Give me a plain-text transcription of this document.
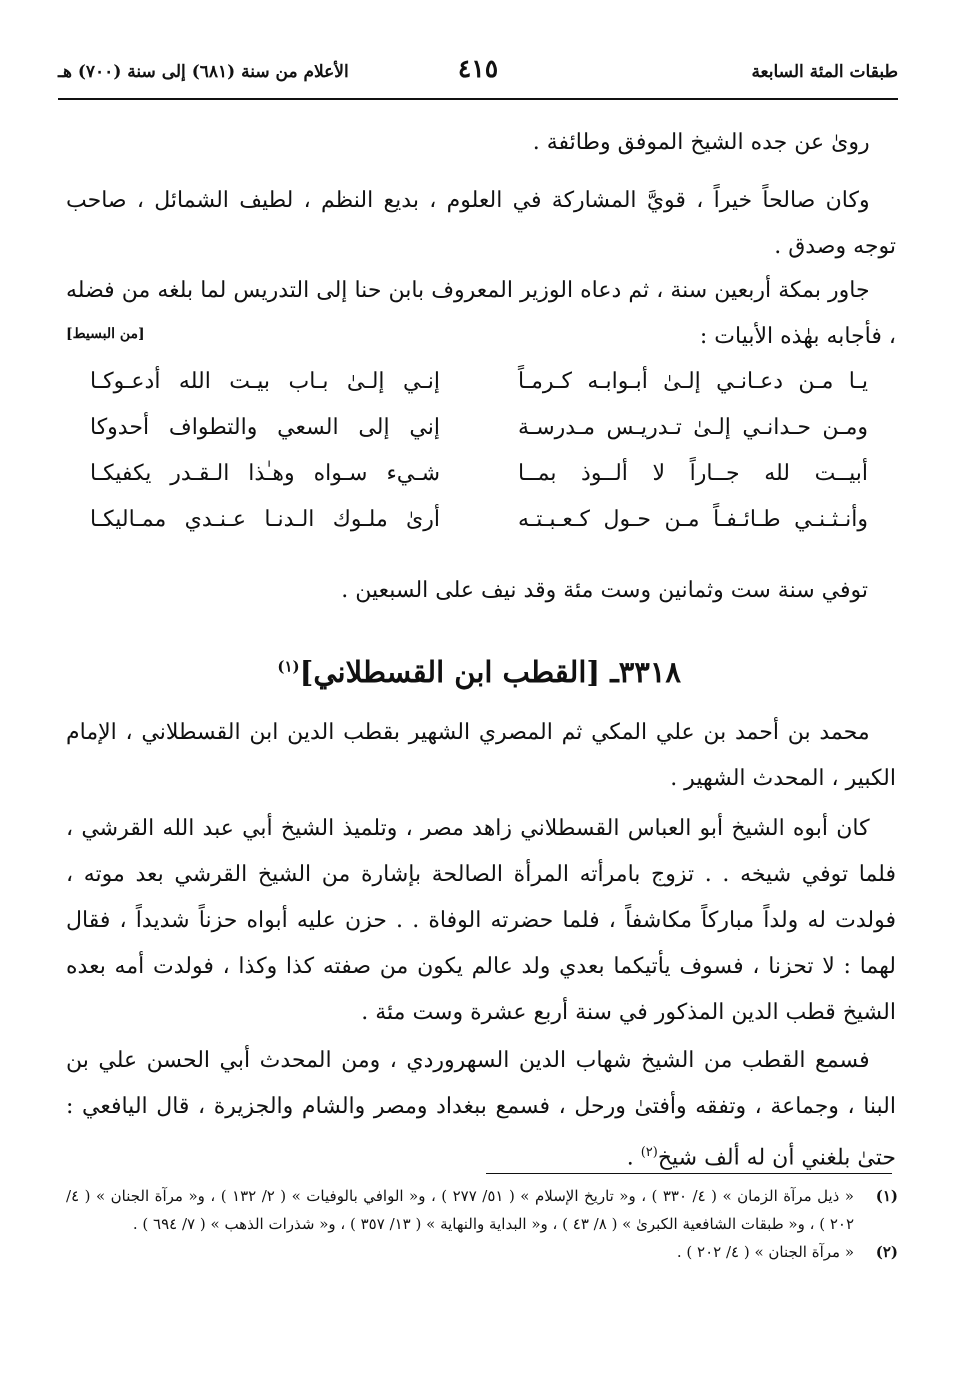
طبقات المئة السابعة
٤١٥
الأعلام من سنة (٦٨١) إلى سنة (٧٠٠) هـ

روىٰ عن جده الشيخ الموفق وطائفة .

وكان صالحاً خيراً ، قويَّ المشاركة في العلوم ، بديع النظم ، لطيف الشمائل ، صاحب توجه وصدق .

جاور بمكة أربعين سنة ، ثم دعاه الوزير المعروف بابن حنا إلى التدريس لما بلغه من فضله ، فأجابه بهٰذه الأبيات :

[من البسيط]
يـا مـن دعـانـي إلـىٰ أبـوابـه كـرمـاً
إنـي إلـىٰ بـاب بيـت الله أدعـوكـا
ومـن حـدانـي إلـىٰ تـدريـس مـدرسـة
إني إلى السعي والتطواف أحدوكا
أبيــت لله جــاراً لا ألــوذ بمــا
شـيء سـواه وهـٰذا الـقـدر يكفيكـا
وأنـثـنـي طـائـفـاً مـن حـول كـعـبـتـه
أرىٰ ملـوك الـدنـا عـنـدي ممـاليكـا
توفي سنة ست وثمانين وست مئة وقد نيف على السبعين .
٣٣١٨ـ [القطب ابن القسطلاني]$^{(١)}$

محمد بن أحمد بن علي المكي ثم المصري الشهير بقطب الدين ابن القسطلاني ، الإمام الكبير ، المحدث الشهير .

كان أبوه الشيخ أبو العباس القسطلاني زاهد مصر ، وتلميذ الشيخ أبي عبد الله القرشي ، فلما توفي شيخه . . تزوج بامرأته المرأة الصالحة بإشارة من الشيخ القرشي بعد موته ، فولدت له ولداً مباركاً مكاشفاً ، فلما حضرته الوفاة . . حزن عليه أبواه حزناً شديداً ، فقال لهما : لا تحزنا ، فسوف يأتيكما بعدي ولد عالم يكون من صفته كذا وكذا ، فولدت أمه بعده الشيخ قطب الدين المذكور في سنة أربع عشرة وست مئة .

فسمع القطب من الشيخ شهاب الدين السهروردي ، ومن المحدث أبي الحسن علي بن البنا ، وجماعة ، وتفقه وأفتىٰ ورحل ، فسمع ببغداد ومصر والشام والجزيرة ، قال اليافعي : حتىٰ بلغني أن له ألف شيخ$^{(٢)}$ .

(١)
« ذيل مرآة الزمان » ( ٤/ ٣٣٠ ) ، و« تاريخ الإسلام » ( ٥١/ ٢٧٧ ) ، و« الوافي بالوفيات » ( ٢/ ١٣٢ ) ، و« مرآة الجنان » ( ٤/ ٢٠٢ ) ، و« طبقات الشافعية الكبرىٰ » ( ٨/ ٤٣ ) ، و« البداية والنهاية » ( ١٣/ ٣٥٧ ) ، و« شذرات الذهب » ( ٧/ ٦٩٤ ) .
(٢)
« مرآة الجنان » ( ٤/ ٢٠٢ ) .
